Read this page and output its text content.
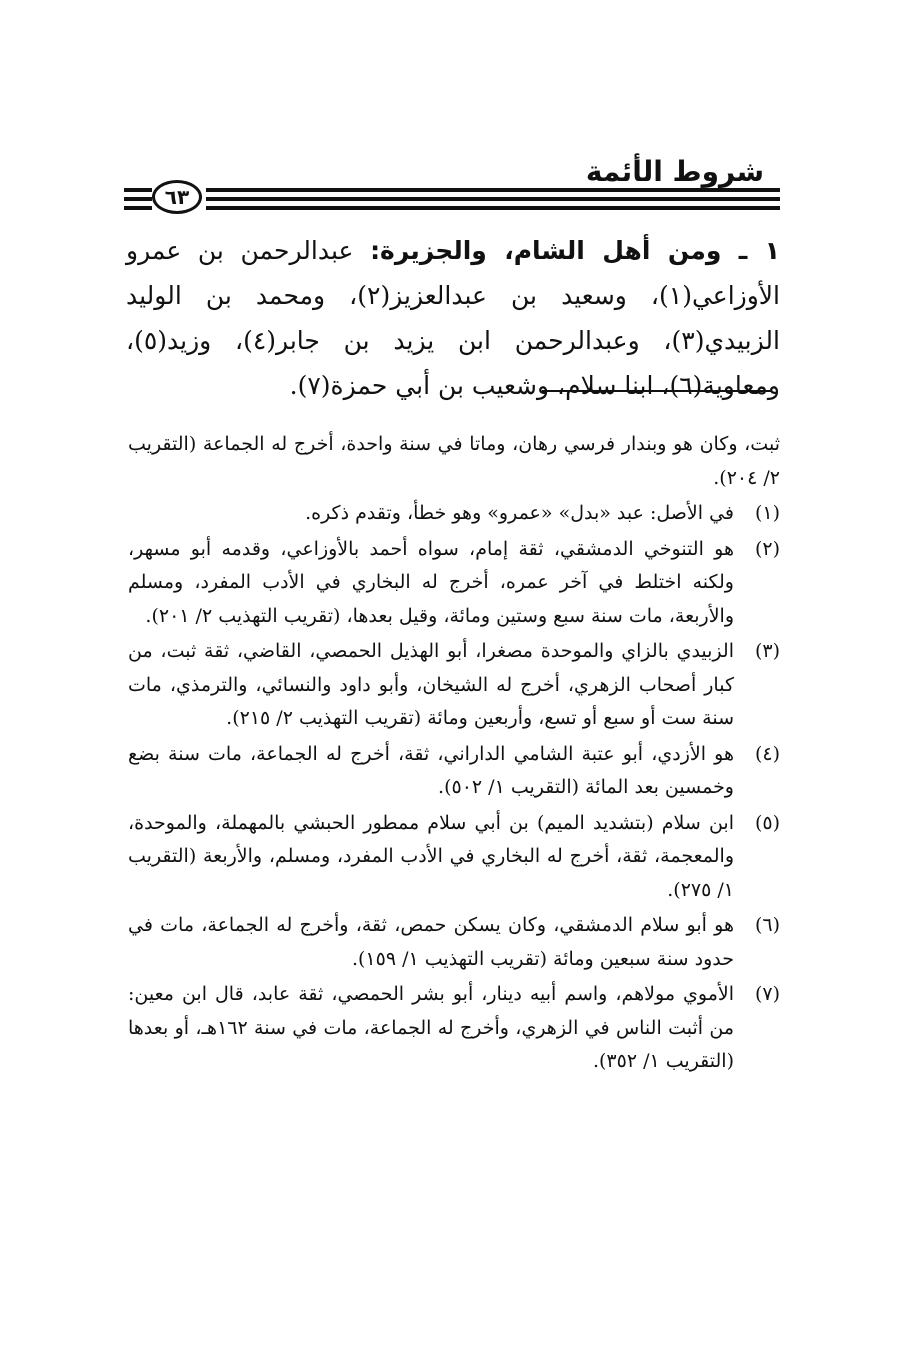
شروط الأئمة
٦٣

١ ـ ومن أهل الشام، والجزيرة: عبدالرحمن بن عمرو الأوزاعي(١)، وسعيد بن عبدالعزيز(٢)، ومحمد بن الوليد الزبيدي(٣)، وعبدالرحمن ابن يزيد بن جابر(٤)، وزيد(٥)، ومعاوية(٦)، ابنا سلام، وشعيب بن أبي حمزة(٧).

ثبت، وكان هو وبندار فرسي رهان، وماتا في سنة واحدة، أخرج له الجماعة (التقريب ٢/ ٢٠٤).

(١)
في الأصل: عبد «بدل» «عمرو» وهو خطأ، وتقدم ذكره.
(٢)
هو التنوخي الدمشقي، ثقة إمام، سواه أحمد بالأوزاعي، وقدمه أبو مسهر، ولكنه اختلط في آخر عمره، أخرج له البخاري في الأدب المفرد، ومسلم والأربعة، مات سنة سبع وستين ومائة، وقيل بعدها، (تقريب التهذيب ٢/ ٢٠١).
(٣)
الزبيدي بالزاي والموحدة مصغرا، أبو الهذيل الحمصي، القاضي، ثقة ثبت، من كبار أصحاب الزهري، أخرج له الشيخان، وأبو داود والنسائي، والترمذي، مات سنة ست أو سبع أو تسع، وأربعين ومائة (تقريب التهذيب ٢/ ٢١٥).
(٤)
هو الأزدي، أبو عتبة الشامي الداراني، ثقة، أخرج له الجماعة، مات سنة بضع وخمسين بعد المائة (التقريب ١/ ٥٠٢).
(٥)
ابن سلام (بتشديد الميم) بن أبي سلام ممطور الحبشي بالمهملة، والموحدة، والمعجمة، ثقة، أخرج له البخاري في الأدب المفرد، ومسلم، والأربعة (التقريب ١/ ٢٧٥).
(٦)
هو أبو سلام الدمشقي، وكان يسكن حمص، ثقة، وأخرج له الجماعة، مات في حدود سنة سبعين ومائة (تقريب التهذيب ١/ ١٥٩).
(٧)
الأموي مولاهم، واسم أبيه دينار، أبو بشر الحمصي، ثقة عابد، قال ابن معين: من أثبت الناس في الزهري، وأخرج له الجماعة، مات في سنة ١٦٢هـ، أو بعدها (التقريب ١/ ٣٥٢).
